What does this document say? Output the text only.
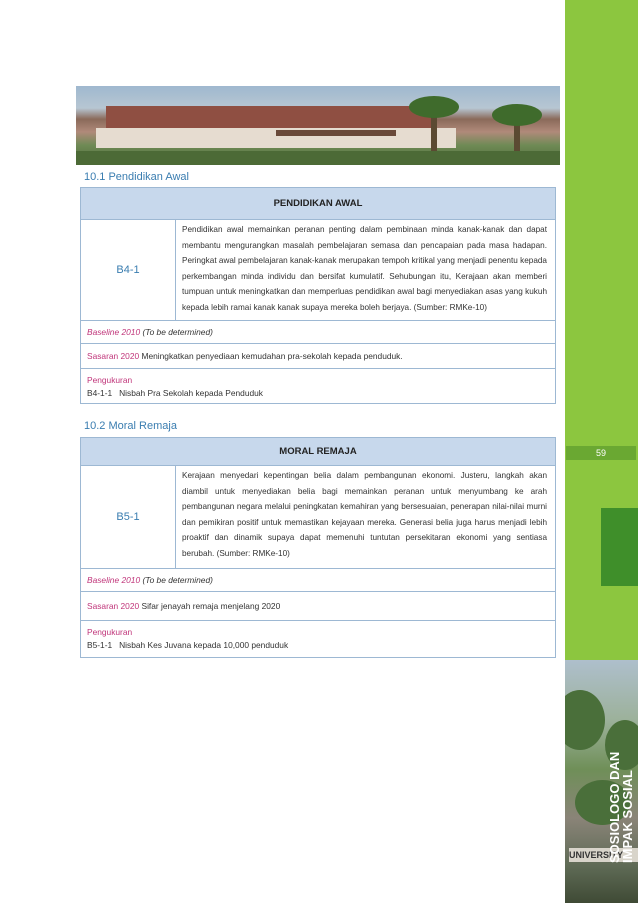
59
UNIVERSITY
SOSIOLOGO DAN
IMPAK SOSIAL
10.1 Pendidikan Awal
PENDIDIKAN AWAL
B4-1
Pendidikan awal memainkan peranan penting dalam pembinaan minda kanak-kanak dan dapat membantu mengurangkan masalah pembelajaran semasa dan pencapaian pada masa hadapan. Peringkat awal pembelajaran kanak-kanak merupakan tempoh kritikal yang menjadi penentu kepada perkembangan minda individu dan bersifat kumulatif. Sehubungan itu, Kerajaan akan memberi tumpuan untuk meningkatkan dan memperluas pendidikan awal bagi menyediakan asas yang kukuh kepada lebih ramai kanak kanak supaya mereka boleh berjaya. (Sumber: RMKe-10)
Baseline
2010
(To be determined)
Sasaran 2020
Meningkatkan penyediaan kemudahan pra-sekolah kepada penduduk.
Pengukuran
B4-1-1 Nisbah Pra Sekolah kepada Penduduk
10.2 Moral Remaja
MORAL REMAJA
B5-1
Kerajaan menyedari kepentingan belia dalam pembangunan ekonomi. Justeru, langkah akan diambil untuk menyediakan belia bagi memainkan peranan untuk menyumbang ke arah pembangunan negara melalui peningkatan kemahiran yang bersesuaian, penerapan nilai-nilai murni dan pemikiran positif untuk memastikan kejayaan mereka. Generasi belia juga harus menjadi lebih proaktif dan dinamik supaya dapat memenuhi tuntutan persekitaran ekonomi yang sentiasa berubah. (Sumber: RMKe-10)
Baseline
2010
(To be determined)
Sasaran 2020
Sifar jenayah remaja menjelang 2020
Pengukuran
B5-1-1 Nisbah Kes Juvana kepada 10,000 penduduk
